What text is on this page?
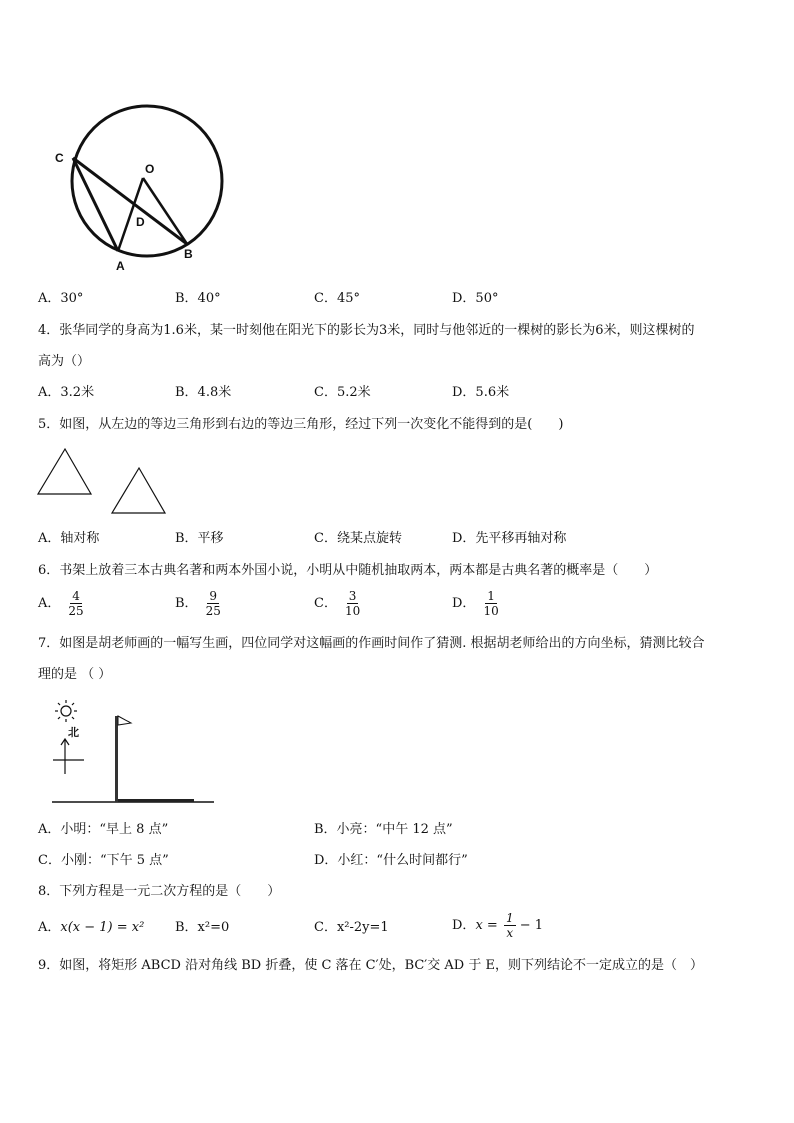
C
O
D
A
B
A．30°	B．40°	C．45°	D．50°
4．张华同学的身高为1.6米，某一时刻他在阳光下的影长为3米，同时与他邻近的一棵树的影长为6米，则这棵树的
高为（）
A．3.2米	B．4.8米	C．5.2米	D．5.6米
5．如图，从左边的等边三角形到右边的等边三角形，经过下列一次变化不能得到的是(　　)
A．轴对称	B．平移	C．绕某点旋转	D．先平移再轴对称
6．书架上放着三本古典名著和两本外国小说，小明从中随机抽取两本，两本都是古典名著的概率是（　　）
A． $\frac{4}{25}$	B． $\frac{9}{25}$	C． $\frac{3}{10}$	D． $\frac{1}{10}$
7．如图是胡老师画的一幅写生画，四位同学对这幅画的作画时间作了猜测. 根据胡老师给出的方向坐标，猜测比较合
理的是 （ ）
北
A．小明：“早上 8 点”	B．小亮：“中午 12 点”
C．小刚：“下午 5 点”	D．小红：“什么时间都行”
8．下列方程是一元二次方程的是（　　）
A．x(x − 1) = x² B．x²=0	C．x²-2y=1	D．$x = \frac{1}{x} - 1$
9．如图，将矩形 ABCD 沿对角线 BD 折叠，使 C 落在 C′处，BC′交 AD 于 E，则下列结论不一定成立的是（　）
